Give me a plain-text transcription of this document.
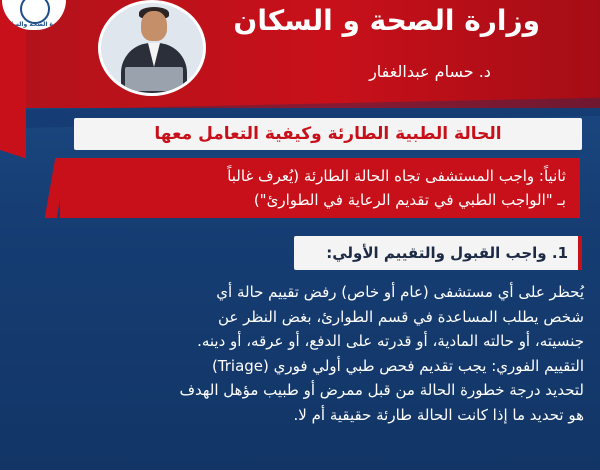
وزارة الصحة والسكان	وزارة الصحة و السكان
د. حسام عبدالغفار
الحالة الطبية الطارئة وكيفية التعامل معها
ثانياً: واجب المستشفى تجاه الحالة الطارئة (يُعرف غالباً
بـ "الواجب الطبي في تقديم الرعاية في الطوارئ")
1. واجب القبول والتقييم الأولي:

يُحظر على أي مستشفى (عام أو خاص) رفض تقييم حالة أي

شخص يطلب المساعدة في قسم الطوارئ، بغض النظر عن

جنسيته، أو حالته المادية، أو قدرته على الدفع، أو عرقه، أو دينه.

التقييم الفوري: يجب تقديم فحص طبي أولي فوري (Triage)

لتحديد درجة خطورة الحالة من قبل ممرض أو طبيب مؤهل الهدف

هو تحديد ما إذا كانت الحالة طارئة حقيقية أم لا.
